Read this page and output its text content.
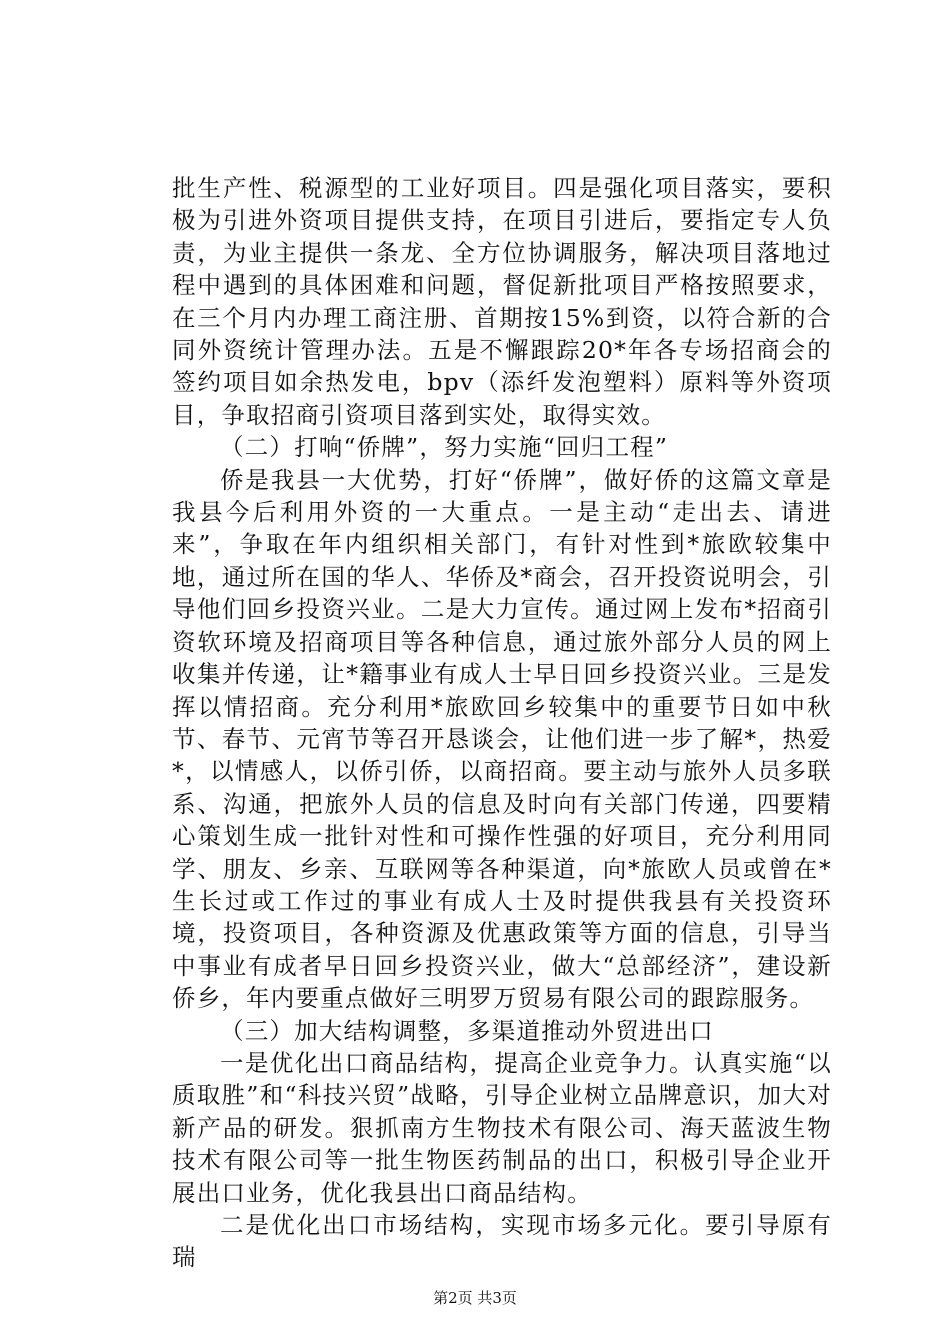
批生产性、税源型的工业好项目。四是强化项目落实，要积极为引进外资项目提供支持，在项目引进后，要指定专人负责，为业主提供一条龙、全方位协调服务，解决项目落地过程中遇到的具体困难和问题，督促新批项目严格按照要求，在三个月内办理工商注册、首期按15%到资，以符合新的合同外资统计管理办法。五是不懈跟踪20*年各专场招商会的签约项目如余热发电，bpv（添纤发泡塑料）原料等外资项目，争取招商引资项目落到实处，取得实效。

（二）打响“侨牌”，努力实施“回归工程”

侨是我县一大优势，打好“侨牌”，做好侨的这篇文章是我县今后利用外资的一大重点。一是主动“走出去、请进来”，争取在年内组织相关部门，有针对性到*旅欧较集中地，通过所在国的华人、华侨及*商会，召开投资说明会，引导他们回乡投资兴业。二是大力宣传。通过网上发布*招商引资软环境及招商项目等各种信息，通过旅外部分人员的网上收集并传递，让*籍事业有成人士早日回乡投资兴业。三是发挥以情招商。充分利用*旅欧回乡较集中的重要节日如中秋节、春节、元宵节等召开恳谈会，让他们进一步了解*，热爱*，以情感人，以侨引侨，以商招商。要主动与旅外人员多联系、沟通，把旅外人员的信息及时向有关部门传递，四要精心策划生成一批针对性和可操作性强的好项目，充分利用同学、朋友、乡亲、互联网等各种渠道，向*旅欧人员或曾在*生长过或工作过的事业有成人士及时提供我县有关投资环境，投资项目，各种资源及优惠政策等方面的信息，引导当中事业有成者早日回乡投资兴业，做大“总部经济”，建设新侨乡，年内要重点做好三明罗万贸易有限公司的跟踪服务。

（三）加大结构调整，多渠道推动外贸进出口

一是优化出口商品结构，提高企业竞争力。认真实施“以质取胜”和“科技兴贸”战略，引导企业树立品牌意识，加大对新产品的研发。狠抓南方生物技术有限公司、海天蓝波生物技术有限公司等一批生物医药制品的出口，积极引导企业开展出口业务，优化我县出口商品结构。

二是优化出口市场结构，实现市场多元化。要引导原有瑞

第2页 共3页
